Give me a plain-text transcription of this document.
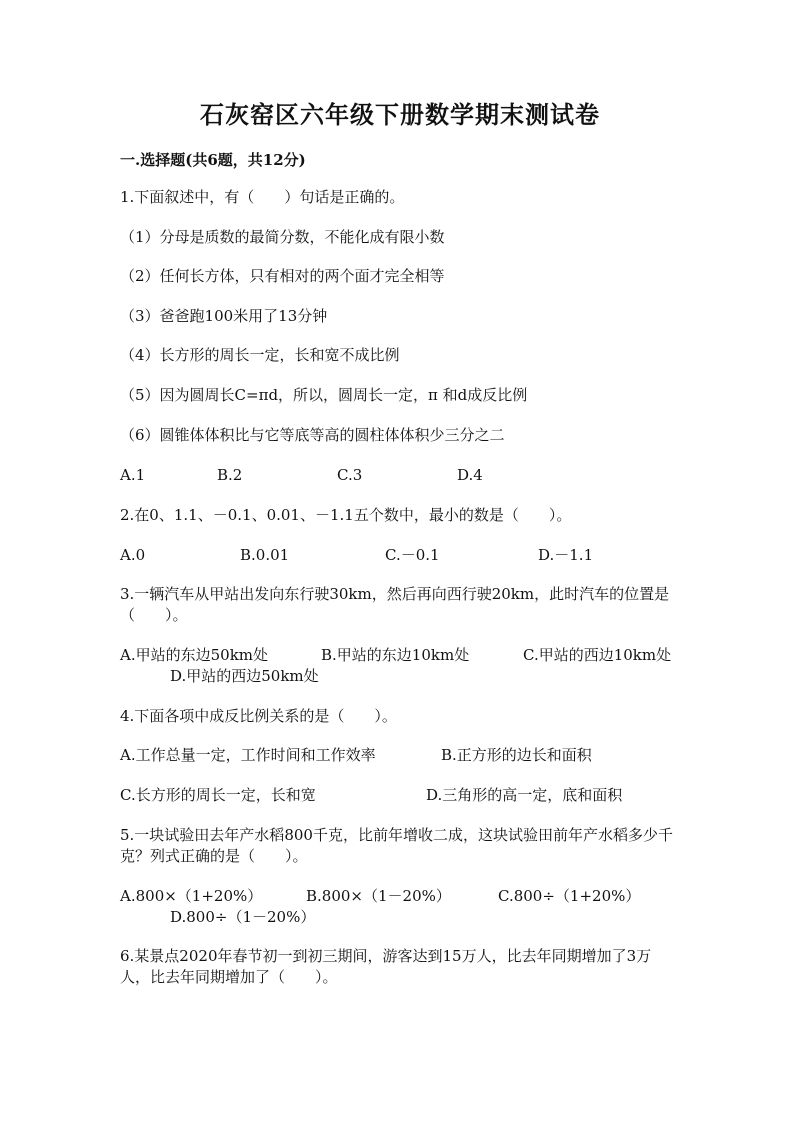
石灰窑区六年级下册数学期末测试卷
一.选择题(共6题，共12分)
1.下面叙述中，有（　　）句话是正确的。
（1）分母是质数的最简分数，不能化成有限小数
（2）任何长方体，只有相对的两个面才完全相等
（3）爸爸跑100米用了13分钟
（4）长方形的周长一定，长和宽不成比例
（5）因为圆周长C=πd，所以，圆周长一定，π 和d成反比例
（6）圆锥体体积比与它等底等高的圆柱体体积少三分之二
A.1	B.2	C.3	D.4
2.在0、1.1、－0.1、0.01、－1.1五个数中，最小的数是（　　）。
A.0	B.0.01	C.－0.1	D.－1.1
3.一辆汽车从甲站出发向东行驶30km，然后再向西行驶20km，此时汽车的位置是（　　）。
A.甲站的东边50km处	B.甲站的东边10km处	C.甲站的西边10km处
D.甲站的西边50km处
4.下面各项中成反比例关系的是（　　）。
A.工作总量一定，工作时间和工作效率	B.正方形的边长和面积
C.长方形的周长一定，长和宽	D.三角形的高一定，底和面积
5.一块试验田去年产水稻800千克，比前年增收二成，这块试验田前年产水稻多少千克？列式正确的是（　　）。
A.800×（1+20%）	B.800×（1－20%）	C.800÷（1+20%）
D.800÷（1－20%）
6.某景点2020年春节初一到初三期间，游客达到15万人，比去年同期增加了3万人，比去年同期增加了（　　）。
